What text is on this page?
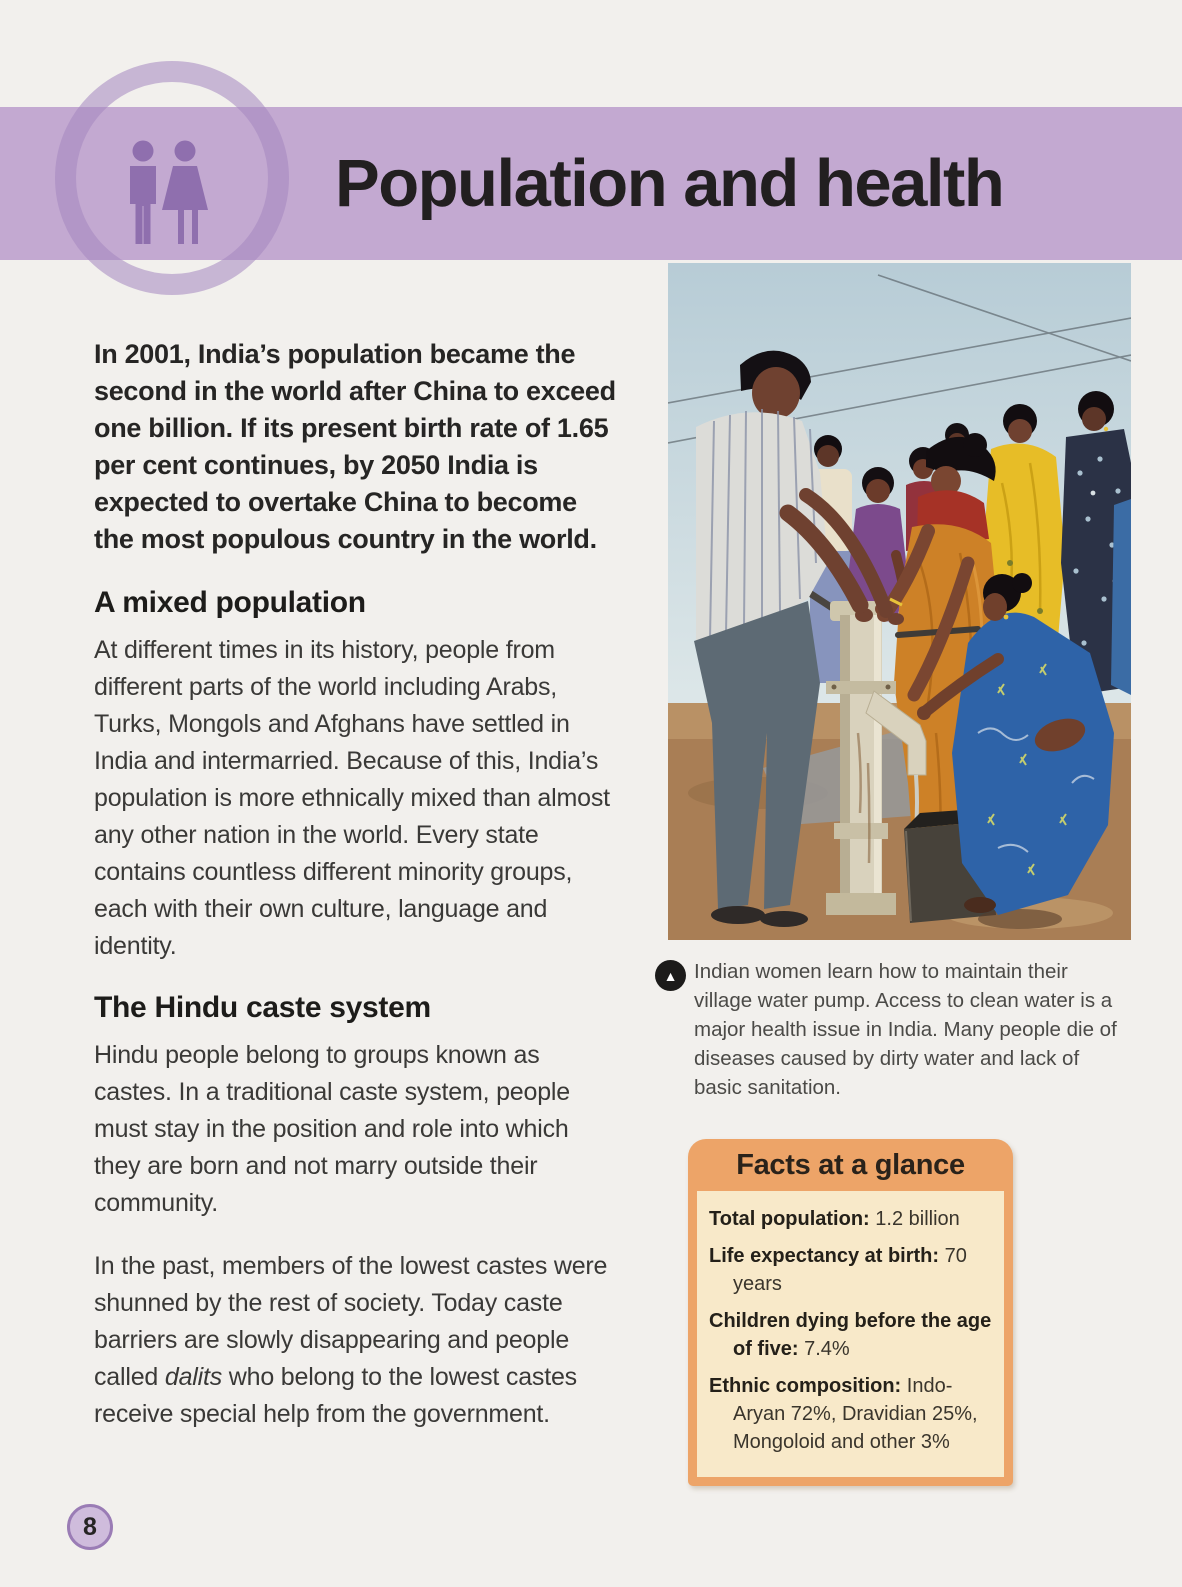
Population and health

In 2001, India’s population became the second in the world after China to exceed one billion. If its present birth rate of 1.65 per cent continues, by 2050 India is expected to overtake China to become the most populous country in the world.

A mixed population

At different times in its history, people from different parts of the world including Arabs, Turks, Mongols and Afghans have settled in India and intermarried. Because of this, India’s population is more ethnically mixed than almost any other nation in the world. Every state contains countless different minority groups, each with their own culture, language and identity.

The Hindu caste system

Hindu people belong to groups known as castes. In a traditional caste system, people must stay in the position and role into which they are born and not marry outside their community.

In the past, members of the lowest castes were shunned by the rest of society. Today caste barriers are slowly disappearing and people called dalits who belong to the lowest castes receive special help from the government.

▲ Indian women learn how to maintain their village water pump. Access to clean water is a major health issue in India. Many people die of diseases caused by dirty water and lack of basic sanitation.

Facts at a glance
Total population: 1.2 billion
Life expectancy at birth: 70 years
Children dying before the age of five: 7.4%
Ethnic composition: Indo-Aryan 72%, Dravidian 25%, Mongoloid and other 3%
8
